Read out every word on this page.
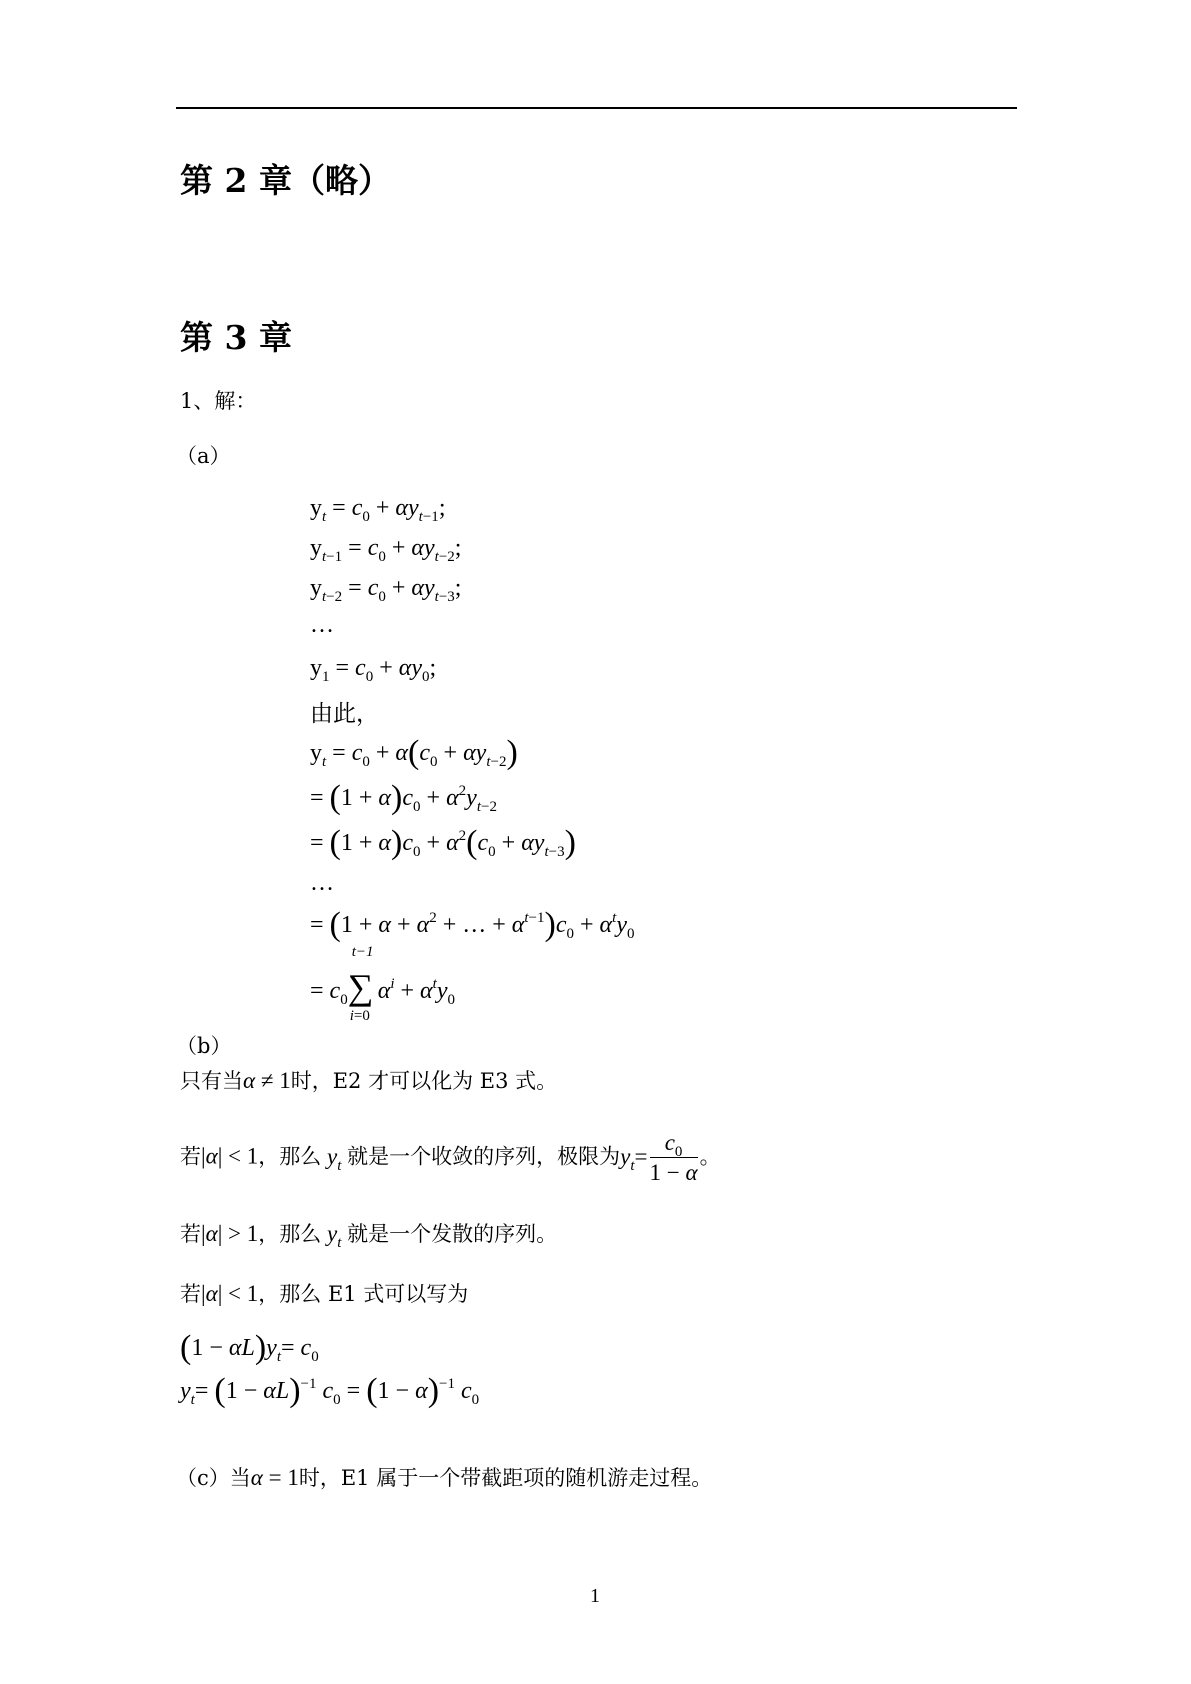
第 2 章（略）
第 3 章
1、解：
（a）
$y_t = c_0 + \alpha y_{t-1}$;
$y_{t-1} = c_0 + \alpha y_{t-2}$;
$y_{t-2} = c_0 + \alpha y_{t-3}$;
…
$y_1 = c_0 + \alpha y_0$;
由此，
$y_t = c_0 + \alpha(c_0 + \alpha y_{t-2})$
= $(1 + \alpha)c_0 + \alpha^2y_{t-2}$
= $(1 + \alpha)c_0 + \alpha^2(c_0 + \alpha y_{t-3})$
…
= ($1 + \alpha + \alpha^2$ + … + $\alpha^{t-1})c_0 + \alpha^ty_0$
= $c_0$
t−1
∑
i=0
$\alpha^i + \alpha^ty_0$
（b）
只有当α ≠ 1时，E2 才可以化为 E3 式。
若|α| < 1，那么 $y_t$ 就是一个收敛的序列，极限为$y_t= \frac{c_0}{1 - \alpha}$ 。
若|α| > 1，那么 $y_t$ 就是一个发散的序列。
若|α| < 1，那么 E1 式可以写为
$(1 - \alpha L)y_t= c_0$
$y_t= (1 - \alpha L)^{-1}$ $c_0 = (1 - \alpha)^{-1}$ $c_0$
（c）当α = 1时，E1 属于一个带截距项的随机游走过程。
1
